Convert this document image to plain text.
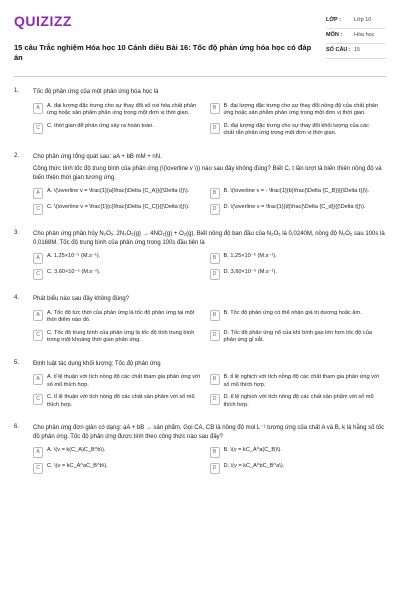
QUIZIZZ
15 câu Trắc nghiệm Hóa học 10 Cánh diều Bài 16: Tốc độ phản ứng hóa học có đáp án
LỚP :	Lớp 10
MÔN :	Hóa học
SỐ CÂU : 15
1.	Tốc độ phản ứng của một phản ứng hóa học là
A	A. đại lượng đặc trưng cho sự thay đổi số oxi hóa chất phản ứng hoặc sản phẩm phản ứng trong một đơn vị thời gian.
B	B. đại lượng đặc trưng cho sự thay đổi nồng độ của chất phản ứng hoặc sản phẩm phản ứng trong một đơn vị thời gian.
C	C. thời gian để phản ứng xảy ra hoàn toàn.	D	D. đại lượng đặc trưng cho sự thay đổi khối lượng của các chất rắn phản ứng trong một đơn vị thời gian.
2.	Cho phản ứng tổng quát sau: aA + bB mM + nN.
Công thức tính tốc độ trung bình của phản ứng (\(\overline v \)) nào sau đây không đúng? Biết C, t lần lượt là biến thiên nồng độ và biến thiên thời gian tương ứng.
A	A. \(\overline v = \frac{1}{a}\frac{\Delta {C_A}}{{\Delta t}}\).	B	B. \(\overline v = - \frac{1}{b}\frac{\Delta {C_B}}{{\Delta t}}\).
C	C. \(\overline v = \frac{1}{c}\frac{\Delta {C_C}}{{\Delta t}}\).	D	D. \(\overline v = \frac{1}{d}\frac{\Delta {C_d}}{{\Delta t}}\).
3.	Cho phản ứng phân hủy N₂O₅: 2N₂O₅(g) → 4NO₂(g) + O₂(g). Biết nồng độ ban đầu của N₂O₅ là 0,0240M, nồng độ N₂O₅ sau 100s là 0,0168M. Tốc độ trung bình của phản ứng trong 100s đầu tiên là
A	A. 1,25×10⁻⁵ (M.s⁻¹).	B	B. 1,25×10⁻⁵ (M.s⁻¹).
C	C. 3,60×10⁻⁵ (M.s⁻¹).	D	D. 3,60×10⁻⁵ (M.s⁻¹).
4.	Phát biểu nào sau đây không đúng?
A	A. Tốc độ tức thời của phản ứng là tốc độ phản ứng tại một thời điểm nào đó.
B	B. Tốc độ phản ứng có thể nhận giá trị dương hoặc âm.
C	C. Tốc độ trung bình của phản ứng là tốc độ tính trung bình trong một khoảng thời gian phản ứng.
D	D. Tốc độ phản ứng nổ của khí bình gas lớn hơn tốc độ của phản ứng gỉ sắt.
5.	Định luật tác dụng khối lượng: Tốc độ phản ứng
A	A. tỉ lệ thuận với tích nồng độ các chất tham gia phản ứng với số mũ thích hợp.
B	B. tỉ lệ nghịch với tích nồng độ các chất tham gia phản ứng với số mũ thích hợp.
C	C. tỉ lệ thuận với tích nồng độ các chất sản phẩm với số mũ thích hợp.
D	D. tỉ lệ nghịch với tích nồng độ các chất sản phẩm với số mũ thích hợp.
6.	Cho phản ứng đơn giản có dạng: aA + bB → sản phẩm. Gọi CA, CB là nồng độ mol L⁻¹ tương ứng của chất A và B, k là hằng số tốc độ phản ứng. Tốc độ phản ứng được tính theo công thức nào sau đây?
A	A. \(v = k(C_A)C_B^b\).	B	B. \(v = kC_A^a(C_B)\).
C	C. \(v = kC_A^aC_B^b\).	D	D. \(v = kC_A^bC_B^a\).
